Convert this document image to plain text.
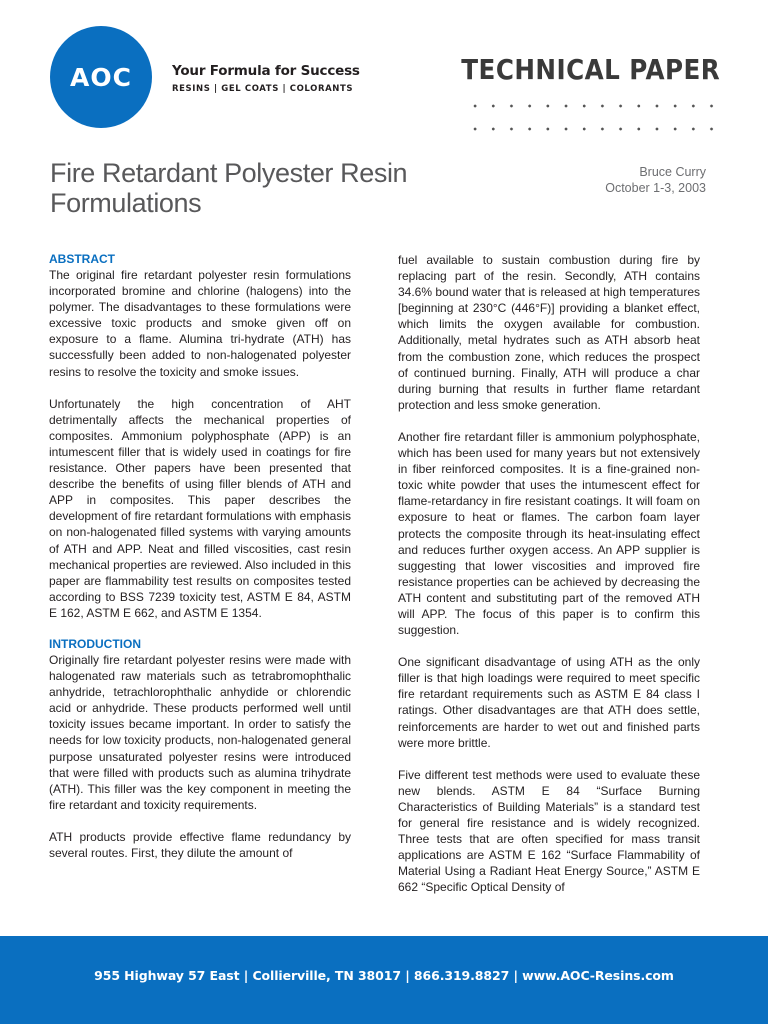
AOC	Your Formula for Success
RESINS | GEL COATS | COLORANTS
TECHNICAL PAPER
Fire Retardant Polyester Resin Formulations
Bruce Curry
October 1-3, 2003
ABSTRACT

The original fire retardant polyester resin formulations incorporated bromine and chlorine (halogens) into the polymer. The disadvantages to these formulations were excessive toxic products and smoke given off on exposure to a flame. Alumina tri-hydrate (ATH) has successfully been added to non-halogenated polyester resins to resolve the toxicity and smoke issues.

Unfortunately the high concentration of AHT detrimentally affects the mechanical properties of composites. Ammonium polyphosphate (APP) is an intumescent filler that is widely used in coatings for fire resistance. Other papers have been presented that describe the benefits of using filler blends of ATH and APP in composites. This paper describes the development of fire retardant formulations with emphasis on non-halogenated filled systems with varying amounts of ATH and APP. Neat and filled viscosities, cast resin mechanical properties are reviewed. Also included in this paper are flammability test results on composites tested according to BSS 7239 toxicity test, ASTM E 84, ASTM E 162, ASTM E 662, and ASTM E 1354.

INTRODUCTION

Originally fire retardant polyester resins were made with halogenated raw materials such as tetrabromophthalic anhydride, tetrachlorophthalic anhydide or chlorendic acid or anhydride. These products performed well until toxicity issues became important. In order to satisfy the needs for low toxicity products, non-halogenated general purpose unsaturated polyester resins were introduced that were filled with products such as alumina trihydrate (ATH). This filler was the key component in meeting the fire retardant and toxicity requirements.

ATH products provide effective flame redundancy by several routes. First, they dilute the amount of

fuel available to sustain combustion during fire by replacing part of the resin. Secondly, ATH contains 34.6% bound water that is released at high temperatures [beginning at 230°C (446°F)] providing a blanket effect, which limits the oxygen available for combustion. Additionally, metal hydrates such as ATH absorb heat from the combustion zone, which reduces the prospect of continued burning. Finally, ATH will produce a char during burning that results in further flame retardant protection and less smoke generation.

Another fire retardant filler is ammonium polyphosphate, which has been used for many years but not extensively in fiber reinforced composites. It is a fine-grained non-toxic white powder that uses the intumescent effect for flame-retardancy in fire resistant coatings. It will foam on exposure to heat or flames. The carbon foam layer protects the composite through its heat-insulating effect and reduces further oxygen access. An APP supplier is suggesting that lower viscosities and improved fire resistance properties can be achieved by decreasing the ATH content and substituting part of the removed ATH will APP. The focus of this paper is to confirm this suggestion.

One significant disadvantage of using ATH as the only filler is that high loadings were required to meet specific fire retardant requirements such as ASTM E 84 class I ratings. Other disadvantages are that ATH does settle, reinforcements are harder to wet out and finished parts were more brittle.

Five different test methods were used to evaluate these new blends. ASTM E 84 “Surface Burning Characteristics of Building Materials” is a standard test for general fire resistance and is widely recognized. Three tests that are often specified for mass transit applications are ASTM E 162 “Surface Flammability of Material Using a Radiant Heat Energy Source,” ASTM E 662 “Specific Optical Density of

955 Highway 57 East | Collierville, TN 38017 | 866.319.8827 | www.AOC-Resins.com
